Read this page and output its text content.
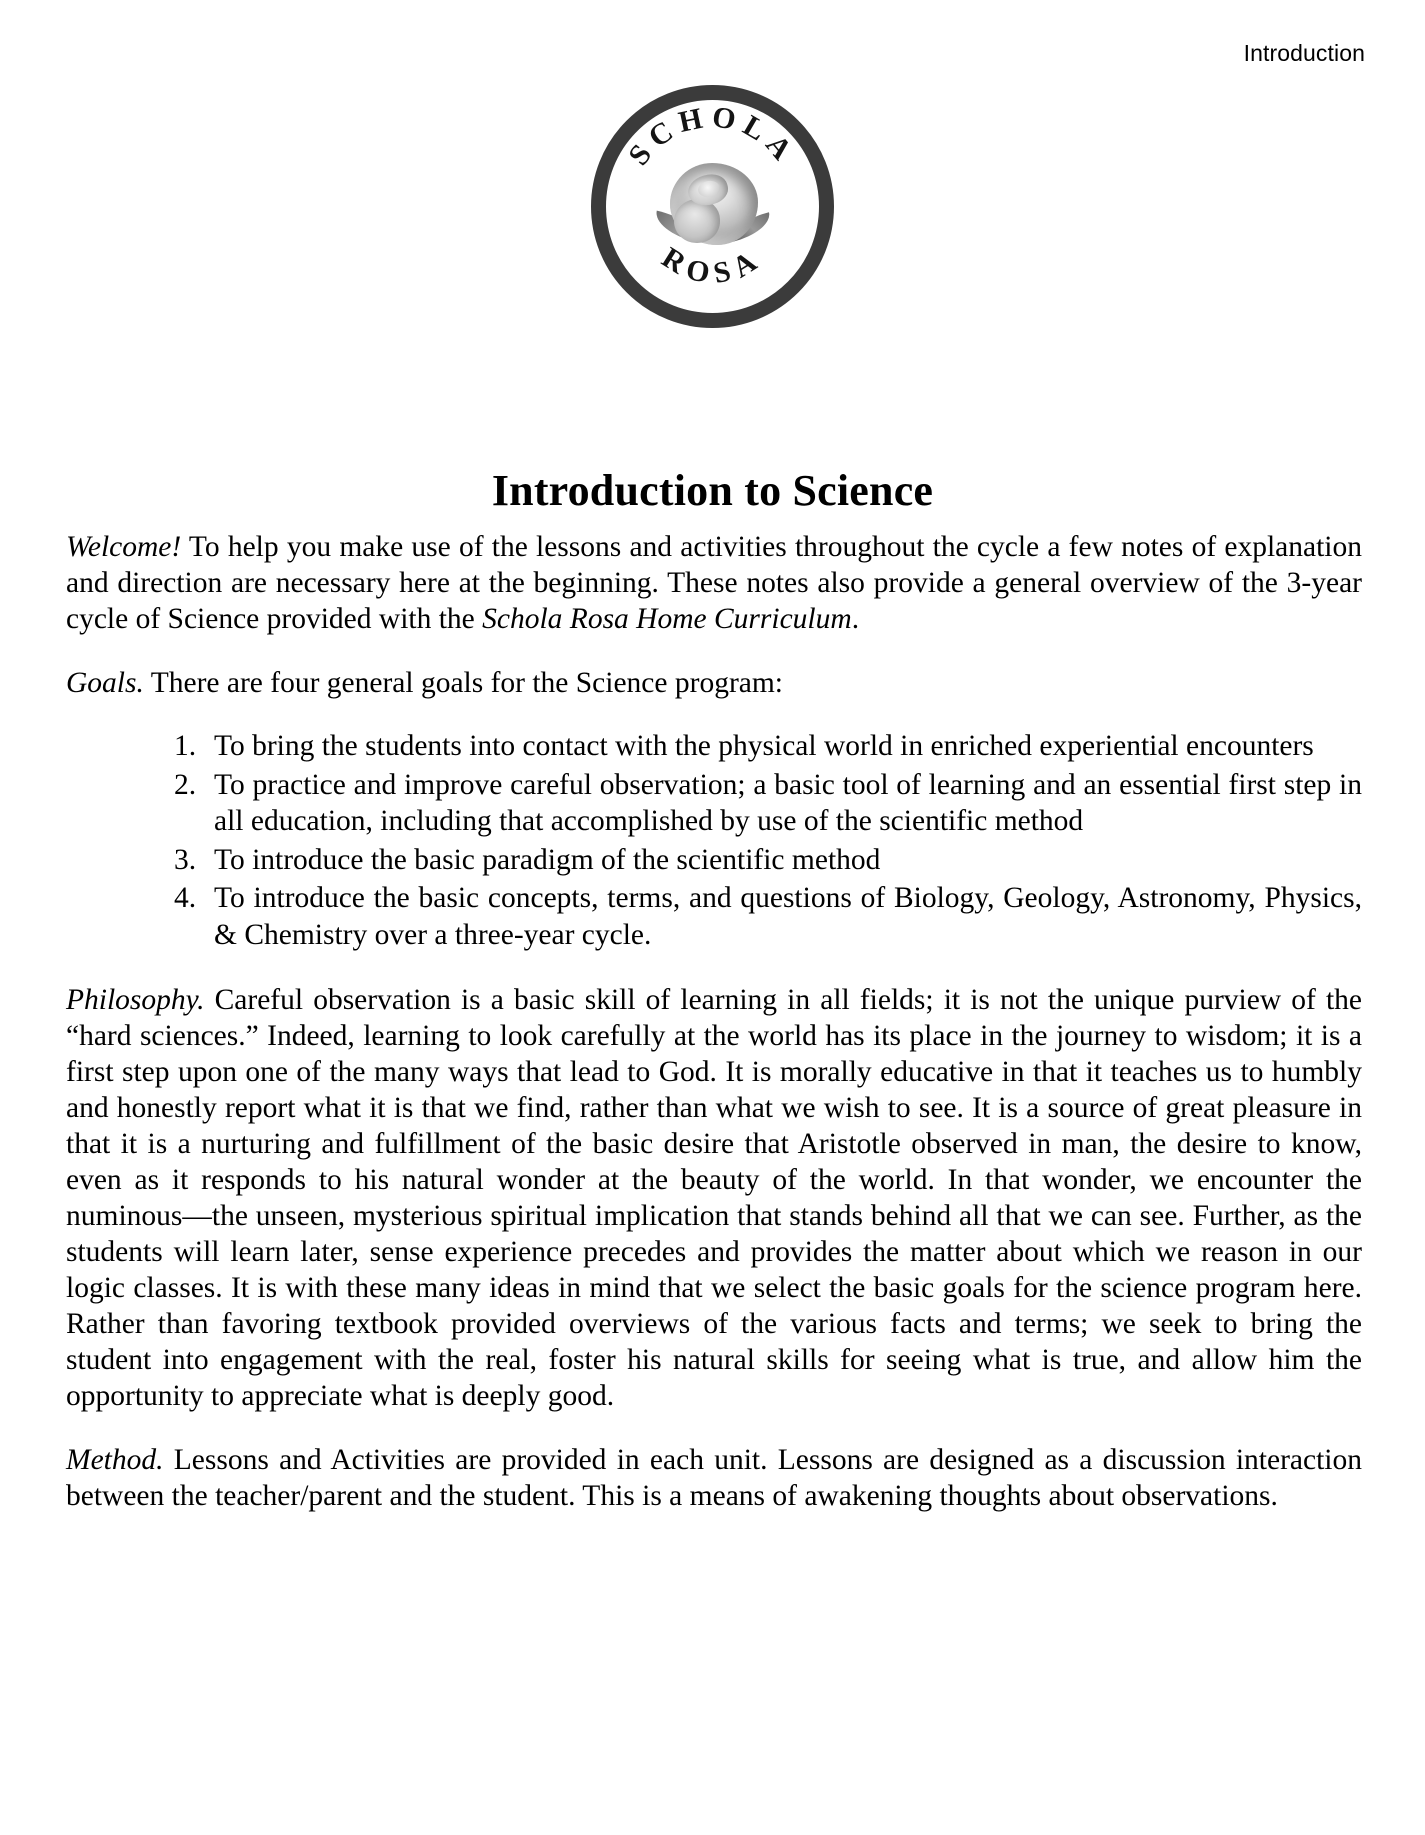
Introduction
SCHOLA
ROSA
Introduction to Science

Welcome! To help you make use of the lessons and activities throughout the cycle a few notes of explanation and direction are necessary here at the beginning. These notes also provide a general overview of the 3-year cycle of Science provided with the Schola Rosa Home Curriculum.

Goals. There are four general goals for the Science program:

To bring the students into contact with the physical world in enriched experiential encounters
To practice and improve careful observation; a basic tool of learning and an essential first step in all education, including that accomplished by use of the scientific method
To introduce the basic paradigm of the scientific method
To introduce the basic concepts, terms, and questions of Biology, Geology, Astronomy, Physics, & Chemistry over a three-year cycle.

Philosophy. Careful observation is a basic skill of learning in all fields; it is not the unique purview of the “hard sciences.” Indeed, learning to look carefully at the world has its place in the journey to wisdom; it is a first step upon one of the many ways that lead to God. It is morally educative in that it teaches us to humbly and honestly report what it is that we find, rather than what we wish to see. It is a source of great pleasure in that it is a nurturing and fulfillment of the basic desire that Aristotle observed in man, the desire to know, even as it responds to his natural wonder at the beauty of the world. In that wonder, we encounter the numinous—the unseen, mysterious spiritual implication that stands behind all that we can see. Further, as the students will learn later, sense experience precedes and provides the matter about which we reason in our logic classes. It is with these many ideas in mind that we select the basic goals for the science program here. Rather than favoring textbook provided overviews of the various facts and terms; we seek to bring the student into engagement with the real, foster his natural skills for seeing what is true, and allow him the opportunity to appreciate what is deeply good.

Method. Lessons and Activities are provided in each unit. Lessons are designed as a discussion interaction between the teacher/parent and the student. This is a means of awakening thoughts about observations.
